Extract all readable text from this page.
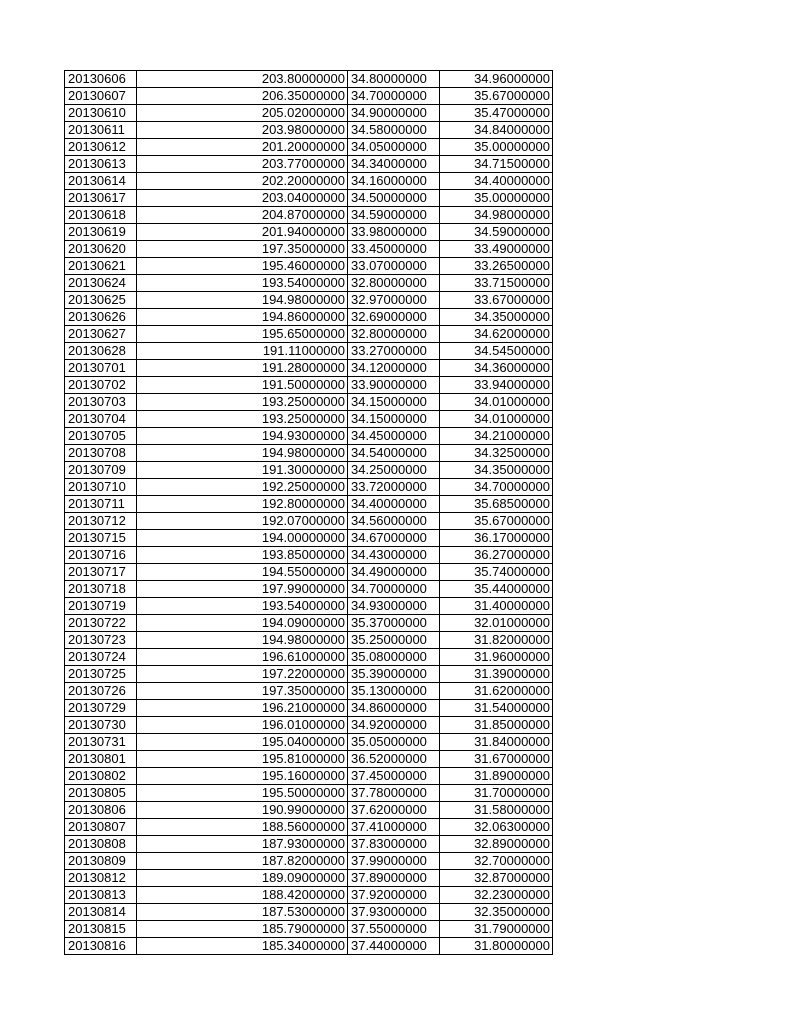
20130606	203.80000000	34.80000000	34.96000000
20130607	206.35000000	34.70000000	35.67000000
20130610	205.02000000	34.90000000	35.47000000
20130611	203.98000000	34.58000000	34.84000000
20130612	201.20000000	34.05000000	35.00000000
20130613	203.77000000	34.34000000	34.71500000
20130614	202.20000000	34.16000000	34.40000000
20130617	203.04000000	34.50000000	35.00000000
20130618	204.87000000	34.59000000	34.98000000
20130619	201.94000000	33.98000000	34.59000000
20130620	197.35000000	33.45000000	33.49000000
20130621	195.46000000	33.07000000	33.26500000
20130624	193.54000000	32.80000000	33.71500000
20130625	194.98000000	32.97000000	33.67000000
20130626	194.86000000	32.69000000	34.35000000
20130627	195.65000000	32.80000000	34.62000000
20130628	191.11000000	33.27000000	34.54500000
20130701	191.28000000	34.12000000	34.36000000
20130702	191.50000000	33.90000000	33.94000000
20130703	193.25000000	34.15000000	34.01000000
20130704	193.25000000	34.15000000	34.01000000
20130705	194.93000000	34.45000000	34.21000000
20130708	194.98000000	34.54000000	34.32500000
20130709	191.30000000	34.25000000	34.35000000
20130710	192.25000000	33.72000000	34.70000000
20130711	192.80000000	34.40000000	35.68500000
20130712	192.07000000	34.56000000	35.67000000
20130715	194.00000000	34.67000000	36.17000000
20130716	193.85000000	34.43000000	36.27000000
20130717	194.55000000	34.49000000	35.74000000
20130718	197.99000000	34.70000000	35.44000000
20130719	193.54000000	34.93000000	31.40000000
20130722	194.09000000	35.37000000	32.01000000
20130723	194.98000000	35.25000000	31.82000000
20130724	196.61000000	35.08000000	31.96000000
20130725	197.22000000	35.39000000	31.39000000
20130726	197.35000000	35.13000000	31.62000000
20130729	196.21000000	34.86000000	31.54000000
20130730	196.01000000	34.92000000	31.85000000
20130731	195.04000000	35.05000000	31.84000000
20130801	195.81000000	36.52000000	31.67000000
20130802	195.16000000	37.45000000	31.89000000
20130805	195.50000000	37.78000000	31.70000000
20130806	190.99000000	37.62000000	31.58000000
20130807	188.56000000	37.41000000	32.06300000
20130808	187.93000000	37.83000000	32.89000000
20130809	187.82000000	37.99000000	32.70000000
20130812	189.09000000	37.89000000	32.87000000
20130813	188.42000000	37.92000000	32.23000000
20130814	187.53000000	37.93000000	32.35000000
20130815	185.79000000	37.55000000	31.79000000
20130816	185.34000000	37.44000000	31.80000000
